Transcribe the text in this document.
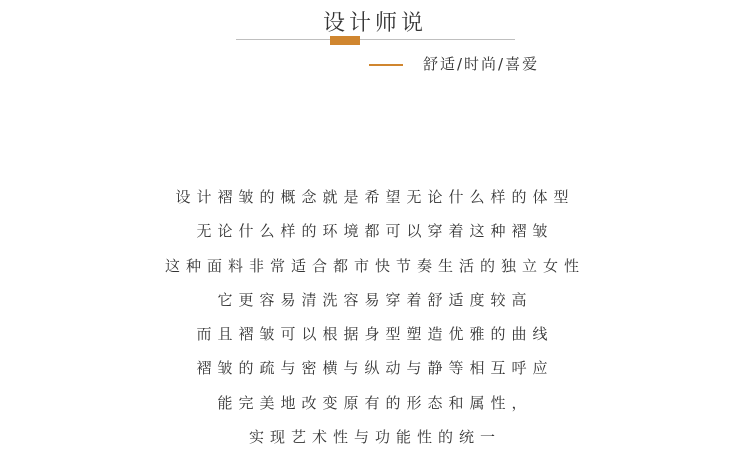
设计师说
舒适/时尚/喜爱
设计褶皱的概念就是希望无论什么样的体型
无论什么样的环境都可以穿着这种褶皱
这种面料非常适合都市快节奏生活的独立女性
它更容易清洗容易穿着舒适度较高
而且褶皱可以根据身型塑造优雅的曲线
褶皱的疏与密横与纵动与静等相互呼应
能完美地改变原有的形态和属性，
实现艺术性与功能性的统一
